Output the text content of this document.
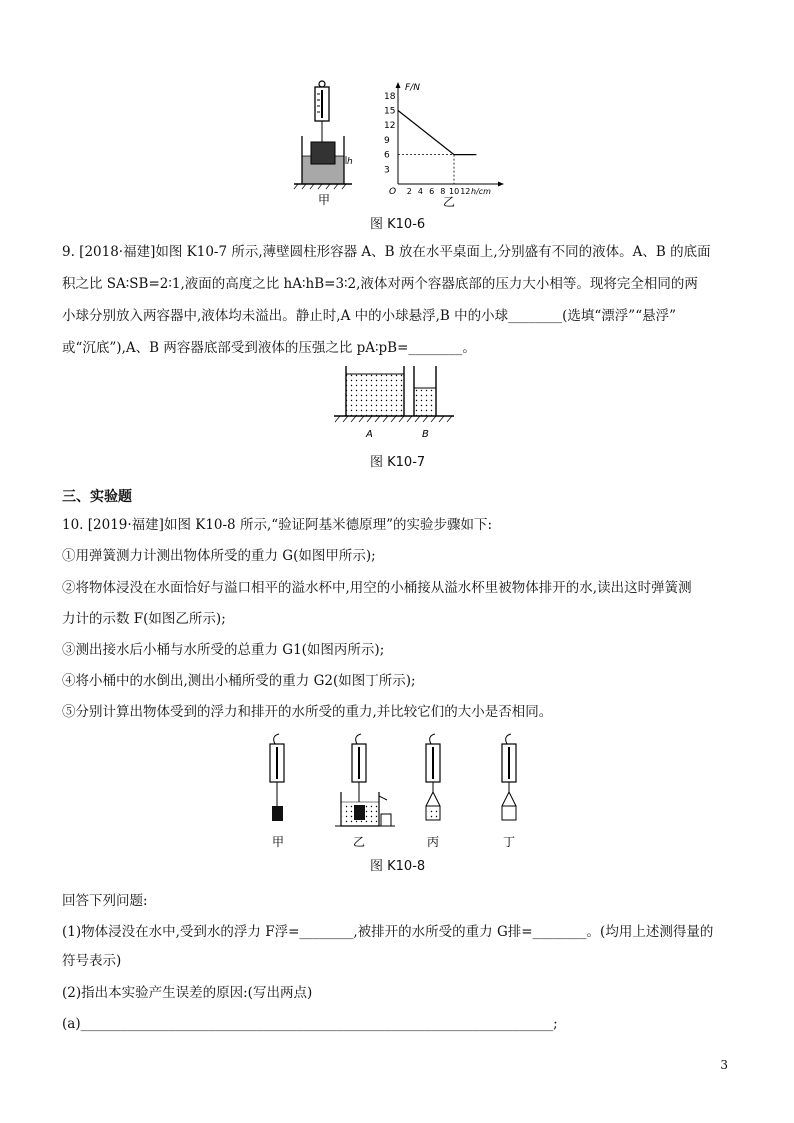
h
甲
F/N
h/cm
O
18
15
12
9
6
3
2 4 6 8 10 12
乙
图 K10-6
9. [2018·福建]如图 K10-7 所示,薄壁圆柱形容器 A、B 放在水平桌面上,分别盛有不同的液体。A、B 的底面
积之比 SA∶SB=2∶1,液面的高度之比 hA∶hB=3∶2,液体对两个容器底部的压力大小相等。现将完全相同的两
小球分别放入两容器中,液体均未溢出。静止时,A 中的小球悬浮,B 中的小球________(选填“漂浮”“悬浮”
或“沉底”),A、B 两容器底部受到液体的压强之比 pA∶pB=________。
A	B
图 K10-7
三、实验题
10. [2019·福建]如图 K10-8 所示,“验证阿基米德原理”的实验步骤如下:
①用弹簧测力计测出物体所受的重力 G(如图甲所示);
②将物体浸没在水面恰好与溢口相平的溢水杯中,用空的小桶接从溢水杯里被物体排开的水,读出这时弹簧测
力计的示数 F(如图乙所示);
③测出接水后小桶与水所受的总重力 G1(如图丙所示);
④将小桶中的水倒出,测出小桶所受的重力 G2(如图丁所示);
⑤分别计算出物体受到的浮力和排开的水所受的重力,并比较它们的大小是否相同。
甲	乙	丙	丁
图 K10-8
回答下列问题:
(1)物体浸没在水中,受到水的浮力 F浮=________,被排开的水所受的重力 G排=________。(均用上述测得量的
符号表示)
(2)指出本实验产生误差的原因:(写出两点)
(a)______________________________________________________________________;
3
